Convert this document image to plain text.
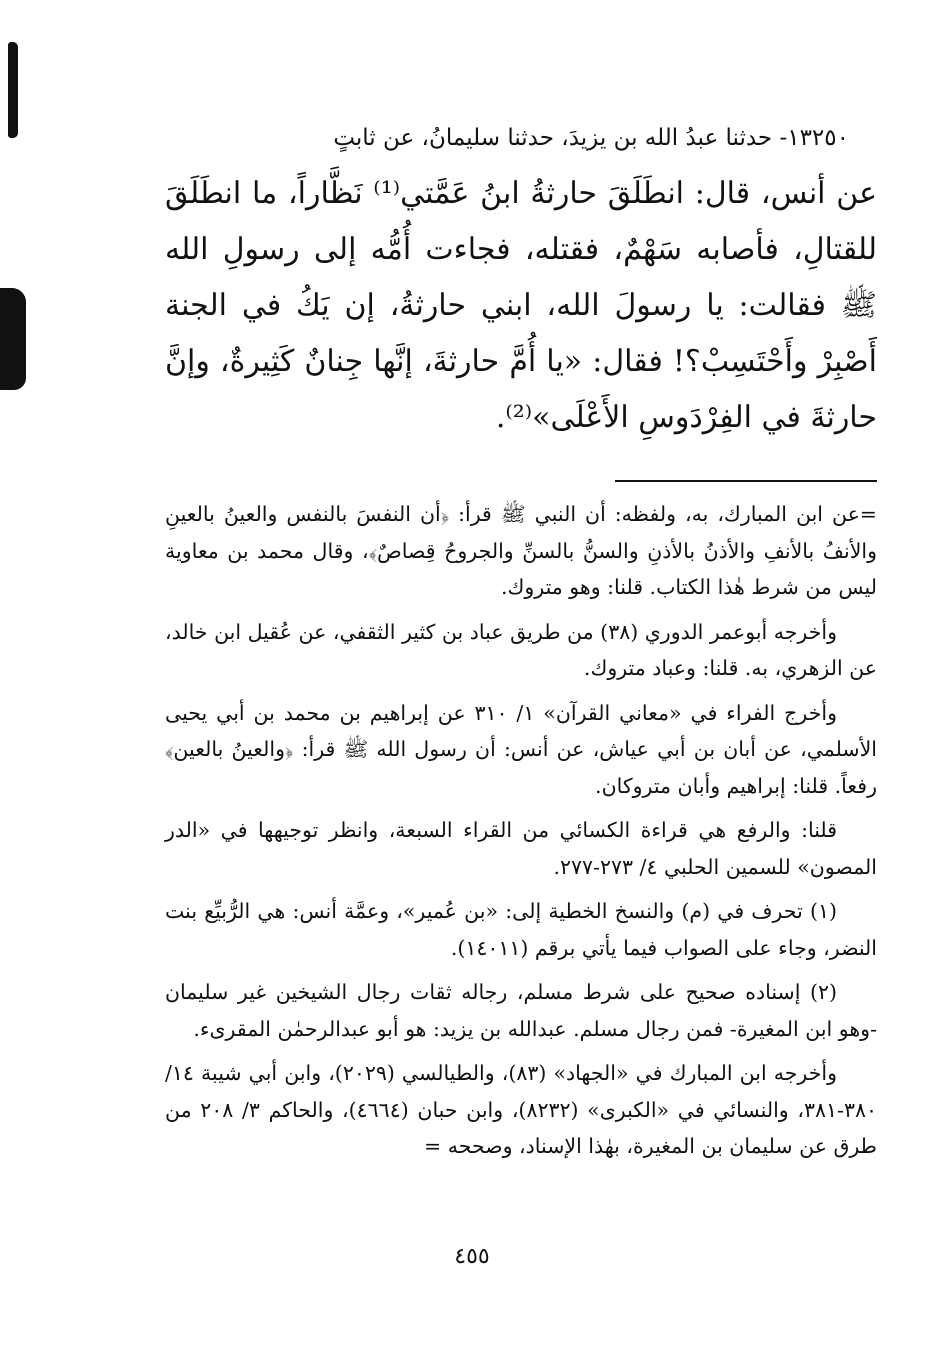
١٣٢٥٠- حدثنا عبدُ الله بن يزيدَ، حدثنا سليمانُ، عن ثابتٍ
عن أنس، قال: انطَلَقَ حارثةُ ابنُ عَمَّتي⁽¹⁾ نَظَّاراً، ما انطَلَقَ للقتالِ، فأصابه سَهْمٌ، فقتله، فجاءت أُمُّه إلى رسولِ الله ﷺ فقالت: يا رسولَ الله، ابني حارثةُ، إن يَكُ في الجنة أَصْبِرْ وأَحْتَسِبْ؟! فقال: «يا أُمَّ حارثةَ، إنَّها جِنانٌ كَثِيرةٌ، وإنَّ حارثةَ في الفِرْدَوسِ الأَعْلَى»⁽²⁾.

=عن ابن المبارك، به، ولفظه: أن النبي ﷺ قرأ: ﴿أن النفسَ بالنفس والعينُ بالعينِ والأنفُ بالأنفِ والأذنُ بالأذنِ والسنُّ بالسنِّ والجروحُ قِصاصٌ﴾، وقال محمد بن معاوية ليس من شرط هٰذا الكتاب. قلنا: وهو متروك.

وأخرجه أبوعمر الدوري (٣٨) من طريق عباد بن كثير الثقفي، عن عُقيل ابن خالد، عن الزهري، به. قلنا: وعباد متروك.

وأخرج الفراء في «معاني القرآن» ١/ ٣١٠ عن إبراهيم بن محمد بن أبي يحيى الأسلمي، عن أبان بن أبي عياش، عن أنس: أن رسول الله ﷺ قرأ: ﴿والعينُ بالعين﴾ رفعاً. قلنا: إبراهيم وأبان متروكان.

قلنا: والرفع هي قراءة الكسائي من القراء السبعة، وانظر توجيهها في «الدر المصون» للسمين الحلبي ٤/ ٢٧٣-٢٧٧.

(١) تحرف في (م) والنسخ الخطية إلى: «بن عُمير»، وعمَّة أنس: هي الرُّبيِّع بنت النضر، وجاء على الصواب فيما يأتي برقم (١٤٠١١).

(٢) إسناده صحيح على شرط مسلم، رجاله ثقات رجال الشيخين غير سليمان -وهو ابن المغيرة- فمن رجال مسلم. عبدالله بن يزيد: هو أبو عبدالرحمٰن المقرىء.

وأخرجه ابن المبارك في «الجهاد» (٨٣)، والطيالسي (٢٠٢٩)، وابن أبي شيبة ١٤/ ٣٨٠-٣٨١، والنسائي في «الكبرى» (٨٢٣٢)، وابن حبان (٤٦٦٤)، والحاكم ٣/ ٢٠٨ من طرق عن سليمان بن المغيرة، بهٰذا الإسناد، وصححه =

٤٥٥
